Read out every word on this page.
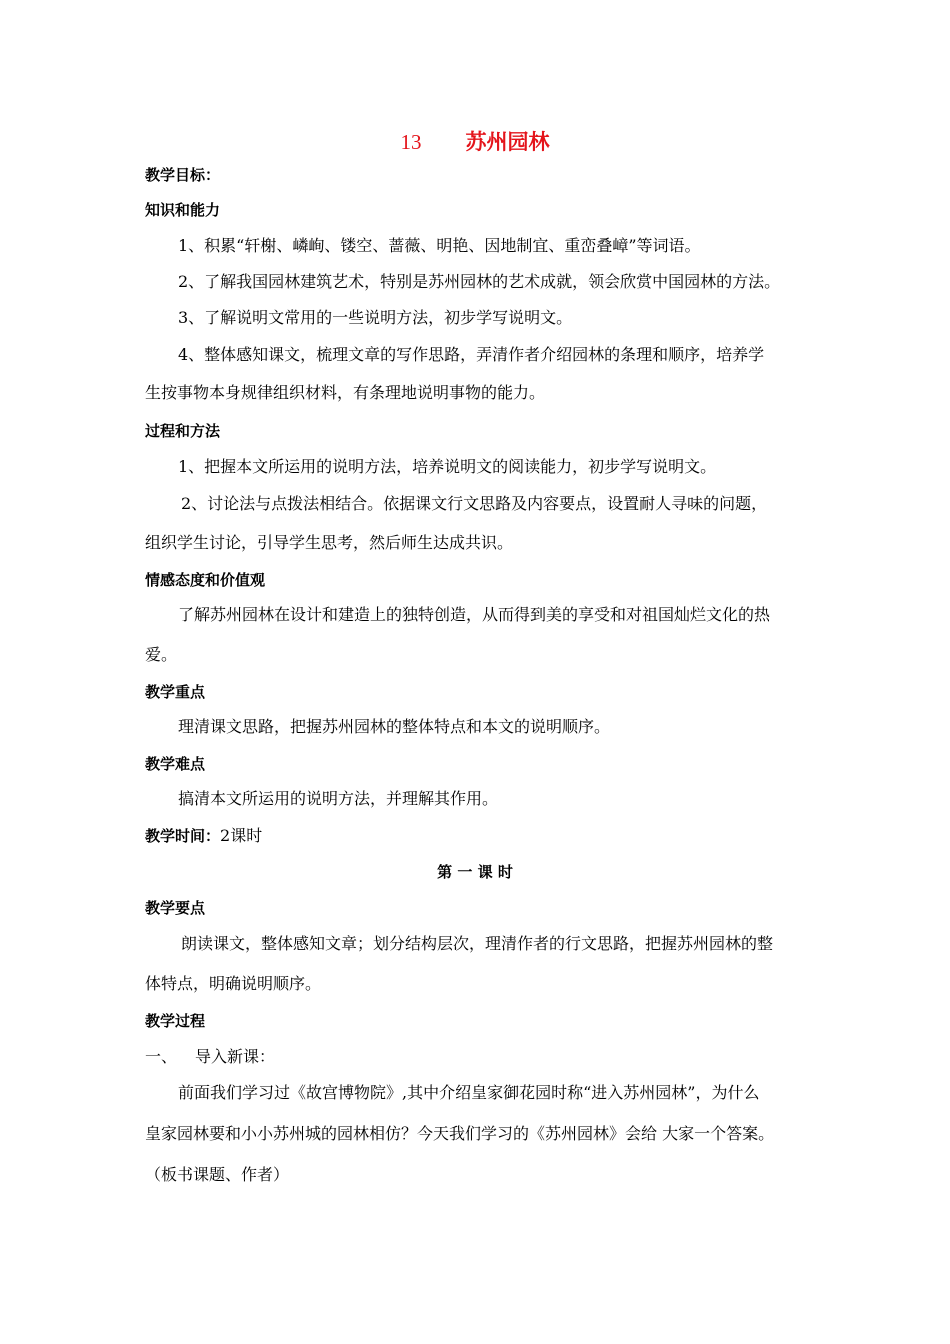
13 苏州园林
教学目标：
知识和能力
1、积累“轩榭、嶙峋、镂空、蔷薇、明艳、因地制宜、重峦叠嶂”等词语。
2、了解我国园林建筑艺术，特别是苏州园林的艺术成就，领会欣赏中国园林的方法。
3、了解说明文常用的一些说明方法，初步学写说明文。
4、整体感知课文，梳理文章的写作思路，弄清作者介绍园林的条理和顺序，培养学
生按事物本身规律组织材料，有条理地说明事物的能力。
过程和方法
1、把握本文所运用的说明方法，培养说明文的阅读能力，初步学写说明文。
2、讨论法与点拨法相结合。依据课文行文思路及内容要点，设置耐人寻味的问题，
组织学生讨论，引导学生思考，然后师生达成共识。
情感态度和价值观
了解苏州园林在设计和建造上的独特创造，从而得到美的享受和对祖国灿烂文化的热
爱。
教学重点
理清课文思路，把握苏州园林的整体特点和本文的说明顺序。
教学难点
搞清本文所运用的说明方法，并理解其作用。
教学时间：2课时
第 一 课 时
教学要点
朗读课文，整体感知文章；划分结构层次，理清作者的行文思路，把握苏州园林的整
体特点，明确说明顺序。
教学过程
一、 导入新课：
前面我们学习过《故宫博物院》,其中介绍皇家御花园时称“进入苏州园林”，为什么
皇家园林要和小小苏州城的园林相仿？今天我们学习的《苏州园林》会给 大家一个答案。
（板书课题、作者）
